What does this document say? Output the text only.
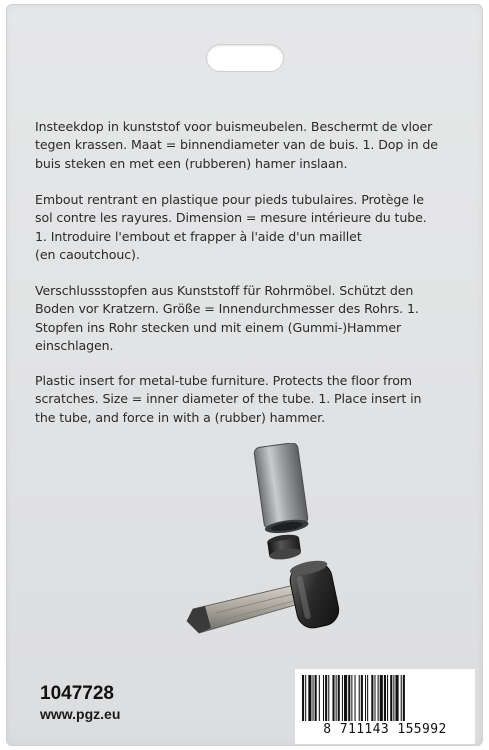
Insteekdop in kunststof voor buismeubelen. Beschermt de vloer
tegen krassen. Maat = binnendiameter van de buis. 1. Dop in de
buis steken en met een (rubberen) hamer inslaan.

Embout rentrant en plastique pour pieds tubulaires. Protège le
sol contre les rayures. Dimension = mesure intérieure du tube.
1. Introduire l'embout et frapper à l'aide d'un maillet
(en caoutchouc).

Verschlussstopfen aus Kunststoff für Rohrmöbel. Schützt den
Boden vor Kratzern. Größe = Innendurchmesser des Rohrs. 1.
Stopfen ins Rohr stecken und mit einem (Gummi-)Hammer
einschlagen.

Plastic insert for metal-tube furniture. Protects the floor from
scratches. Size = inner diameter of the tube. 1. Place insert in
the tube, and force in with a (rubber) hammer.

1047728

www.pgz.eu

8 711143 155992
